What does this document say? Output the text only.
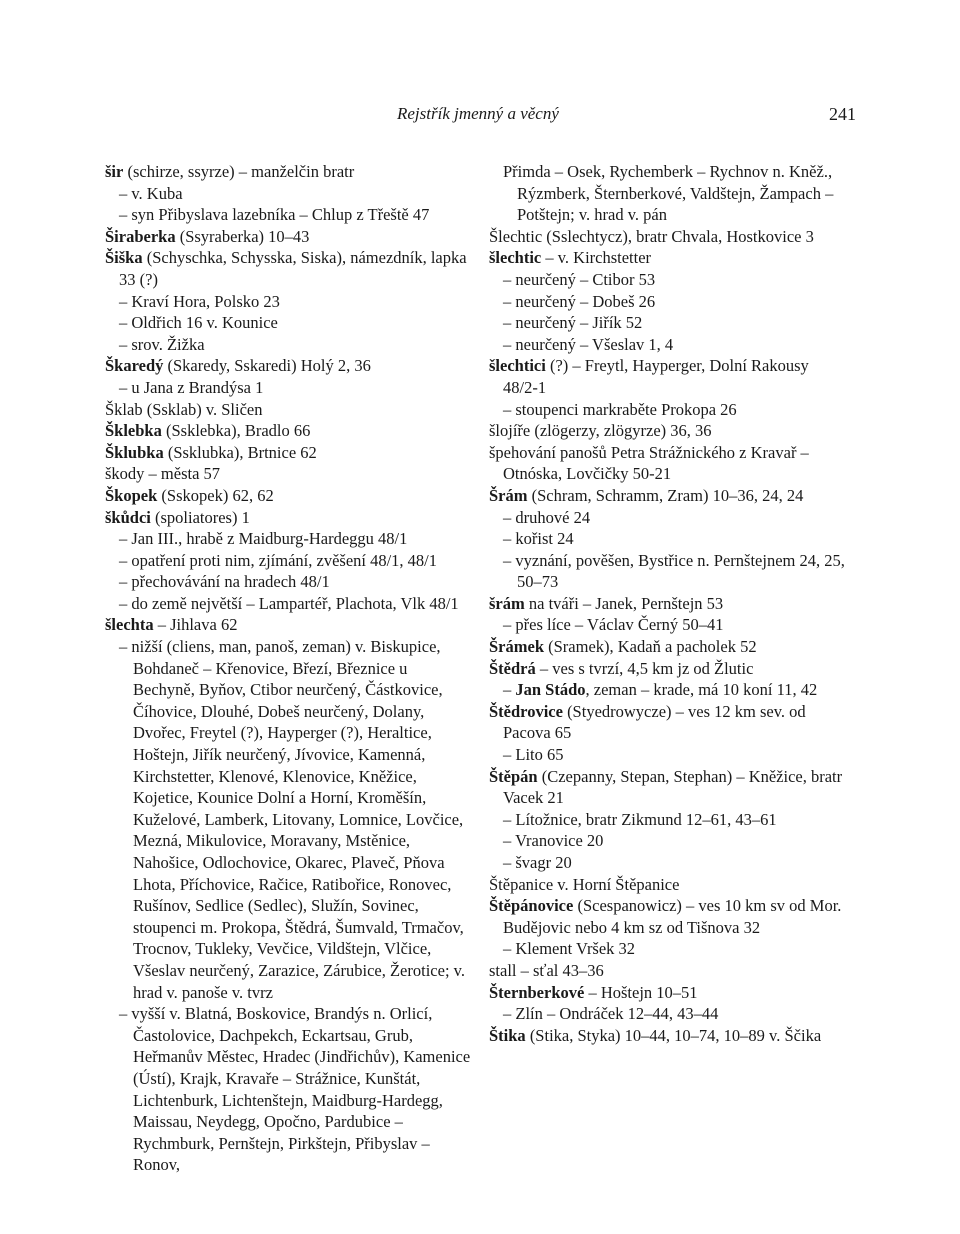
Rejstřík jmenný a věcný	241
šir (schirze, ssyrze) – manželčin bratr
– v. Kuba
– syn Přibyslava lazebníka – Chlup z Třeště 47
Širaberka (Ssyraberka) 10–43
Šiška (Schyschka, Schysska, Siska), námezdník, lapka 33 (?)
– Kraví Hora, Polsko 23
– Oldřich 16 v. Kounice
– srov. Žižka
Škaredý (Skaredy, Sskaredi) Holý 2, 36
– u Jana z Brandýsa 1
Šklab (Ssklab) v. Sličen
Šklebka (Ssklebka), Bradlo 66
Šklubka (Ssklubka), Brtnice 62
škody – města 57
Škopek (Sskopek) 62, 62
škůdci (spoliatores) 1
– Jan III., hrabě z Maidburg-Hardeggu 48/1
– opatření proti nim, zjímání, zvěšení 48/1, 48/1
– přechovávání na hradech 48/1
– do země největší – Lampartéř, Plachota, Vlk 48/1
šlechta – Jihlava 62
– nižší (cliens, man, panoš, zeman) v. Biskupice, Bohdaneč – Křenovice, Březí, Březnice u Bechyně, Byňov, Ctibor neurčený, Částkovice, Číhovice, Dlouhé, Dobeš neurčený, Dolany, Dvořec, Freytel (?), Hayperger (?), Heraltice, Hoštejn, Jiřík neurčený, Jívovice, Kamenná, Kirchstetter, Klenové, Klenovice, Kněžice, Kojetice, Kounice Dolní a Horní, Kroměšín, Kuželové, Lamberk, Litovany, Lomnice, Lovčice, Mezná, Mikulovice, Moravany, Mstěnice, Nahošice, Odlochovice, Okarec, Plaveč, Pňova Lhota, Příchovice, Račice, Ratibořice, Ronovec, Rušínov, Sedlice (Sedlec), Služín, Sovinec, stoupenci m. Prokopa, Štědrá, Šumvald, Trmačov, Trocnov, Tukleky, Vevčice, Vildštejn, Vlčice, Všeslav neurčený, Zarazice, Zárubice, Žerotice; v. hrad v. panoše v. tvrz
– vyšší v. Blatná, Boskovice, Brandýs n. Orlicí, Častolovice, Dachpekch, Eckartsau, Grub, Heřmanův Městec, Hradec (Jindřichův), Kamenice (Ústí), Krajk, Kravaře – Strážnice, Kunštát, Lichtenburk, Lichtenštejn, Maidburg-Hardegg, Maissau, Neydegg, Opočno, Pardubice – Rychmburk, Pernštejn, Pirkštejn, Přibyslav – Ronov,
Přimda – Osek, Rychemberk – Rychnov n. Kněž., Rýzmberk, Šternberkové, Valdštejn, Žampach – Potštejn; v. hrad v. pán
Šlechtic (Sslechtycz), bratr Chvala, Hostkovice 3
šlechtic – v. Kirchstetter
– neurčený – Ctibor 53
– neurčený – Dobeš 26
– neurčený – Jiřík 52
– neurčený – Všeslav 1, 4
šlechtici (?) – Freytl, Hayperger, Dolní Rakousy 48/2-1
– stoupenci markraběte Prokopa 26
šlojíře (zlögerzy, zlögyrze) 36, 36
špehování panošů Petra Strážnického z Kravař – Otnóska, Lovčičky 50-21
Šrám (Schram, Schramm, Zram) 10–36, 24, 24
– druhové 24
– kořist 24
– vyznání, pověšen, Bystřice n. Pernštejnem 24, 25, 50–73
šrám na tváři – Janek, Pernštejn 53
– přes líce – Václav Černý 50–41
Šrámek (Sramek), Kadaň a pacholek 52
Štědrá – ves s tvrzí, 4,5 km jz od Žlutic
– Jan Stádo, zeman – krade, má 10 koní 11, 42
Štědrovice (Styedrowycze) – ves 12 km sev. od Pacova 65
– Lito 65
Štěpán (Czepanny, Stepan, Stephan) – Kněžice, bratr Vacek 21
– Lítožnice, bratr Zikmund 12–61, 43–61
– Vranovice 20
– švagr 20
Štěpanice v. Horní Štěpanice
Štěpánovice (Scespanowicz) – ves 10 km sv od Mor. Budějovic nebo 4 km sz od Tišnova 32
– Klement Vršek 32
stall – sťal 43–36
Šternberkové – Hoštejn 10–51
– Zlín – Ondráček 12–44, 43–44
Štika (Stika, Styka) 10–44, 10–74, 10–89 v. Ščika
